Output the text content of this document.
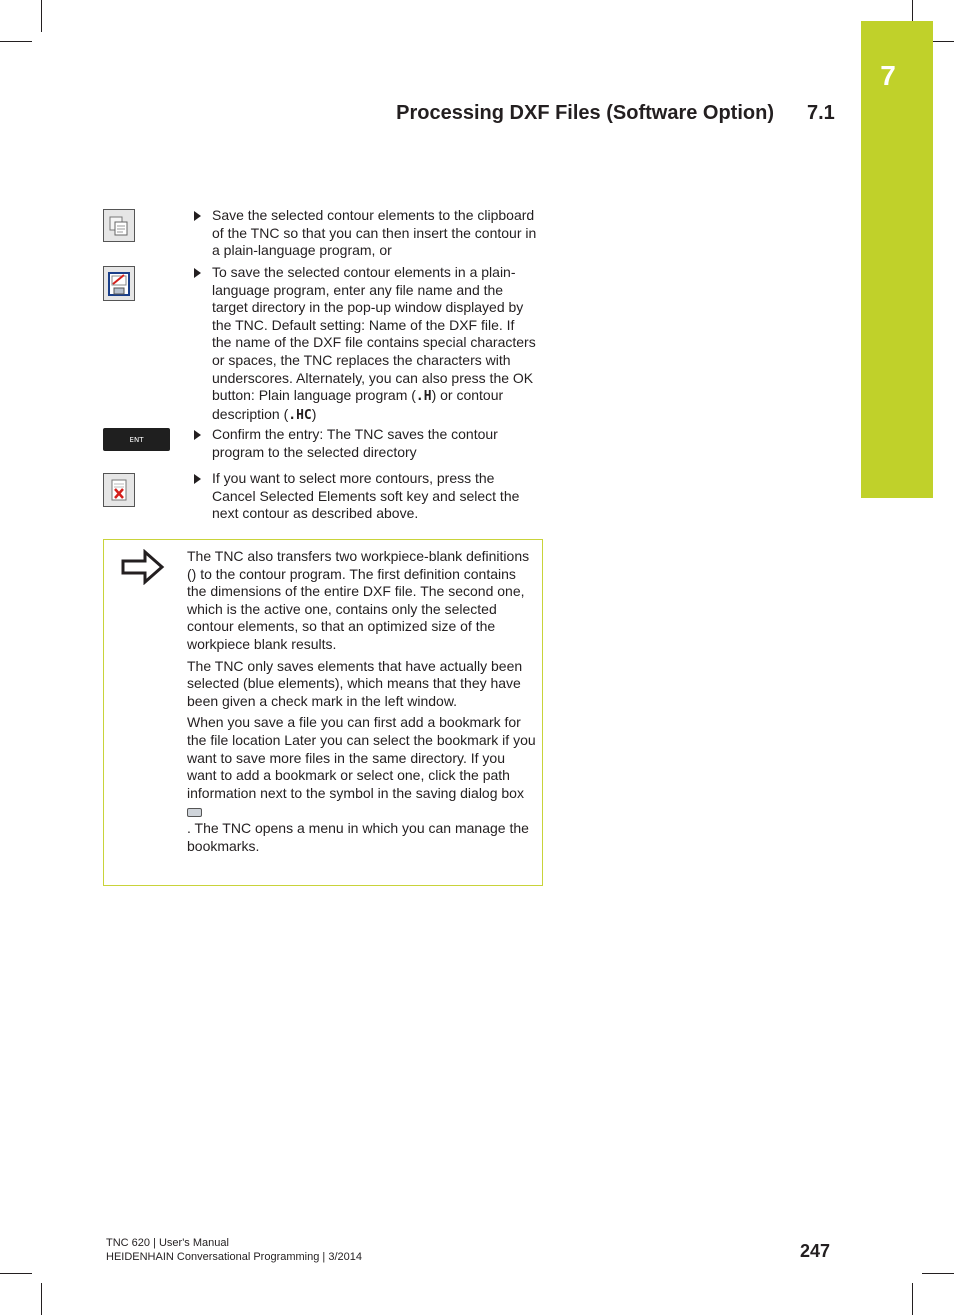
7
Processing DXF Files (Software Option) 7.1
Save the selected contour elements to the clipboard of the TNC so that you can then insert the contour in a plain-language program, or
To save the selected contour elements in a plain-language program, enter any file name and the target directory in the pop-up window displayed by the TNC. Default setting: Name of the DXF file. If the name of the DXF file contains special characters or spaces, the TNC replaces the characters with underscores. Alternately, you can also press the OK button: Plain language program (.H) or contour description (.HC)
ENT	Confirm the entry: The TNC saves the contour program to the selected directory
If you want to select more contours, press the Cancel Selected Elements soft key and select the next contour as described above.

The TNC also transfers two workpiece-blank definitions () to the contour program. The first definition contains the dimensions of the entire DXF file. The second one, which is the active one, contains only the selected contour elements, so that an optimized size of the workpiece blank results.

The TNC only saves elements that have actually been selected (blue elements), which means that they have been given a check mark in the left window.

When you save a file you can first add a bookmark for the file location Later you can select the bookmark if you want to save more files in the same directory. If you want to add a bookmark or select one, click the path information next to the symbol in the saving dialog box

. The TNC opens a menu in which you can manage the bookmarks.

TNC 620 | User's Manual
HEIDENHAIN Conversational Programming | 3/2014	247
